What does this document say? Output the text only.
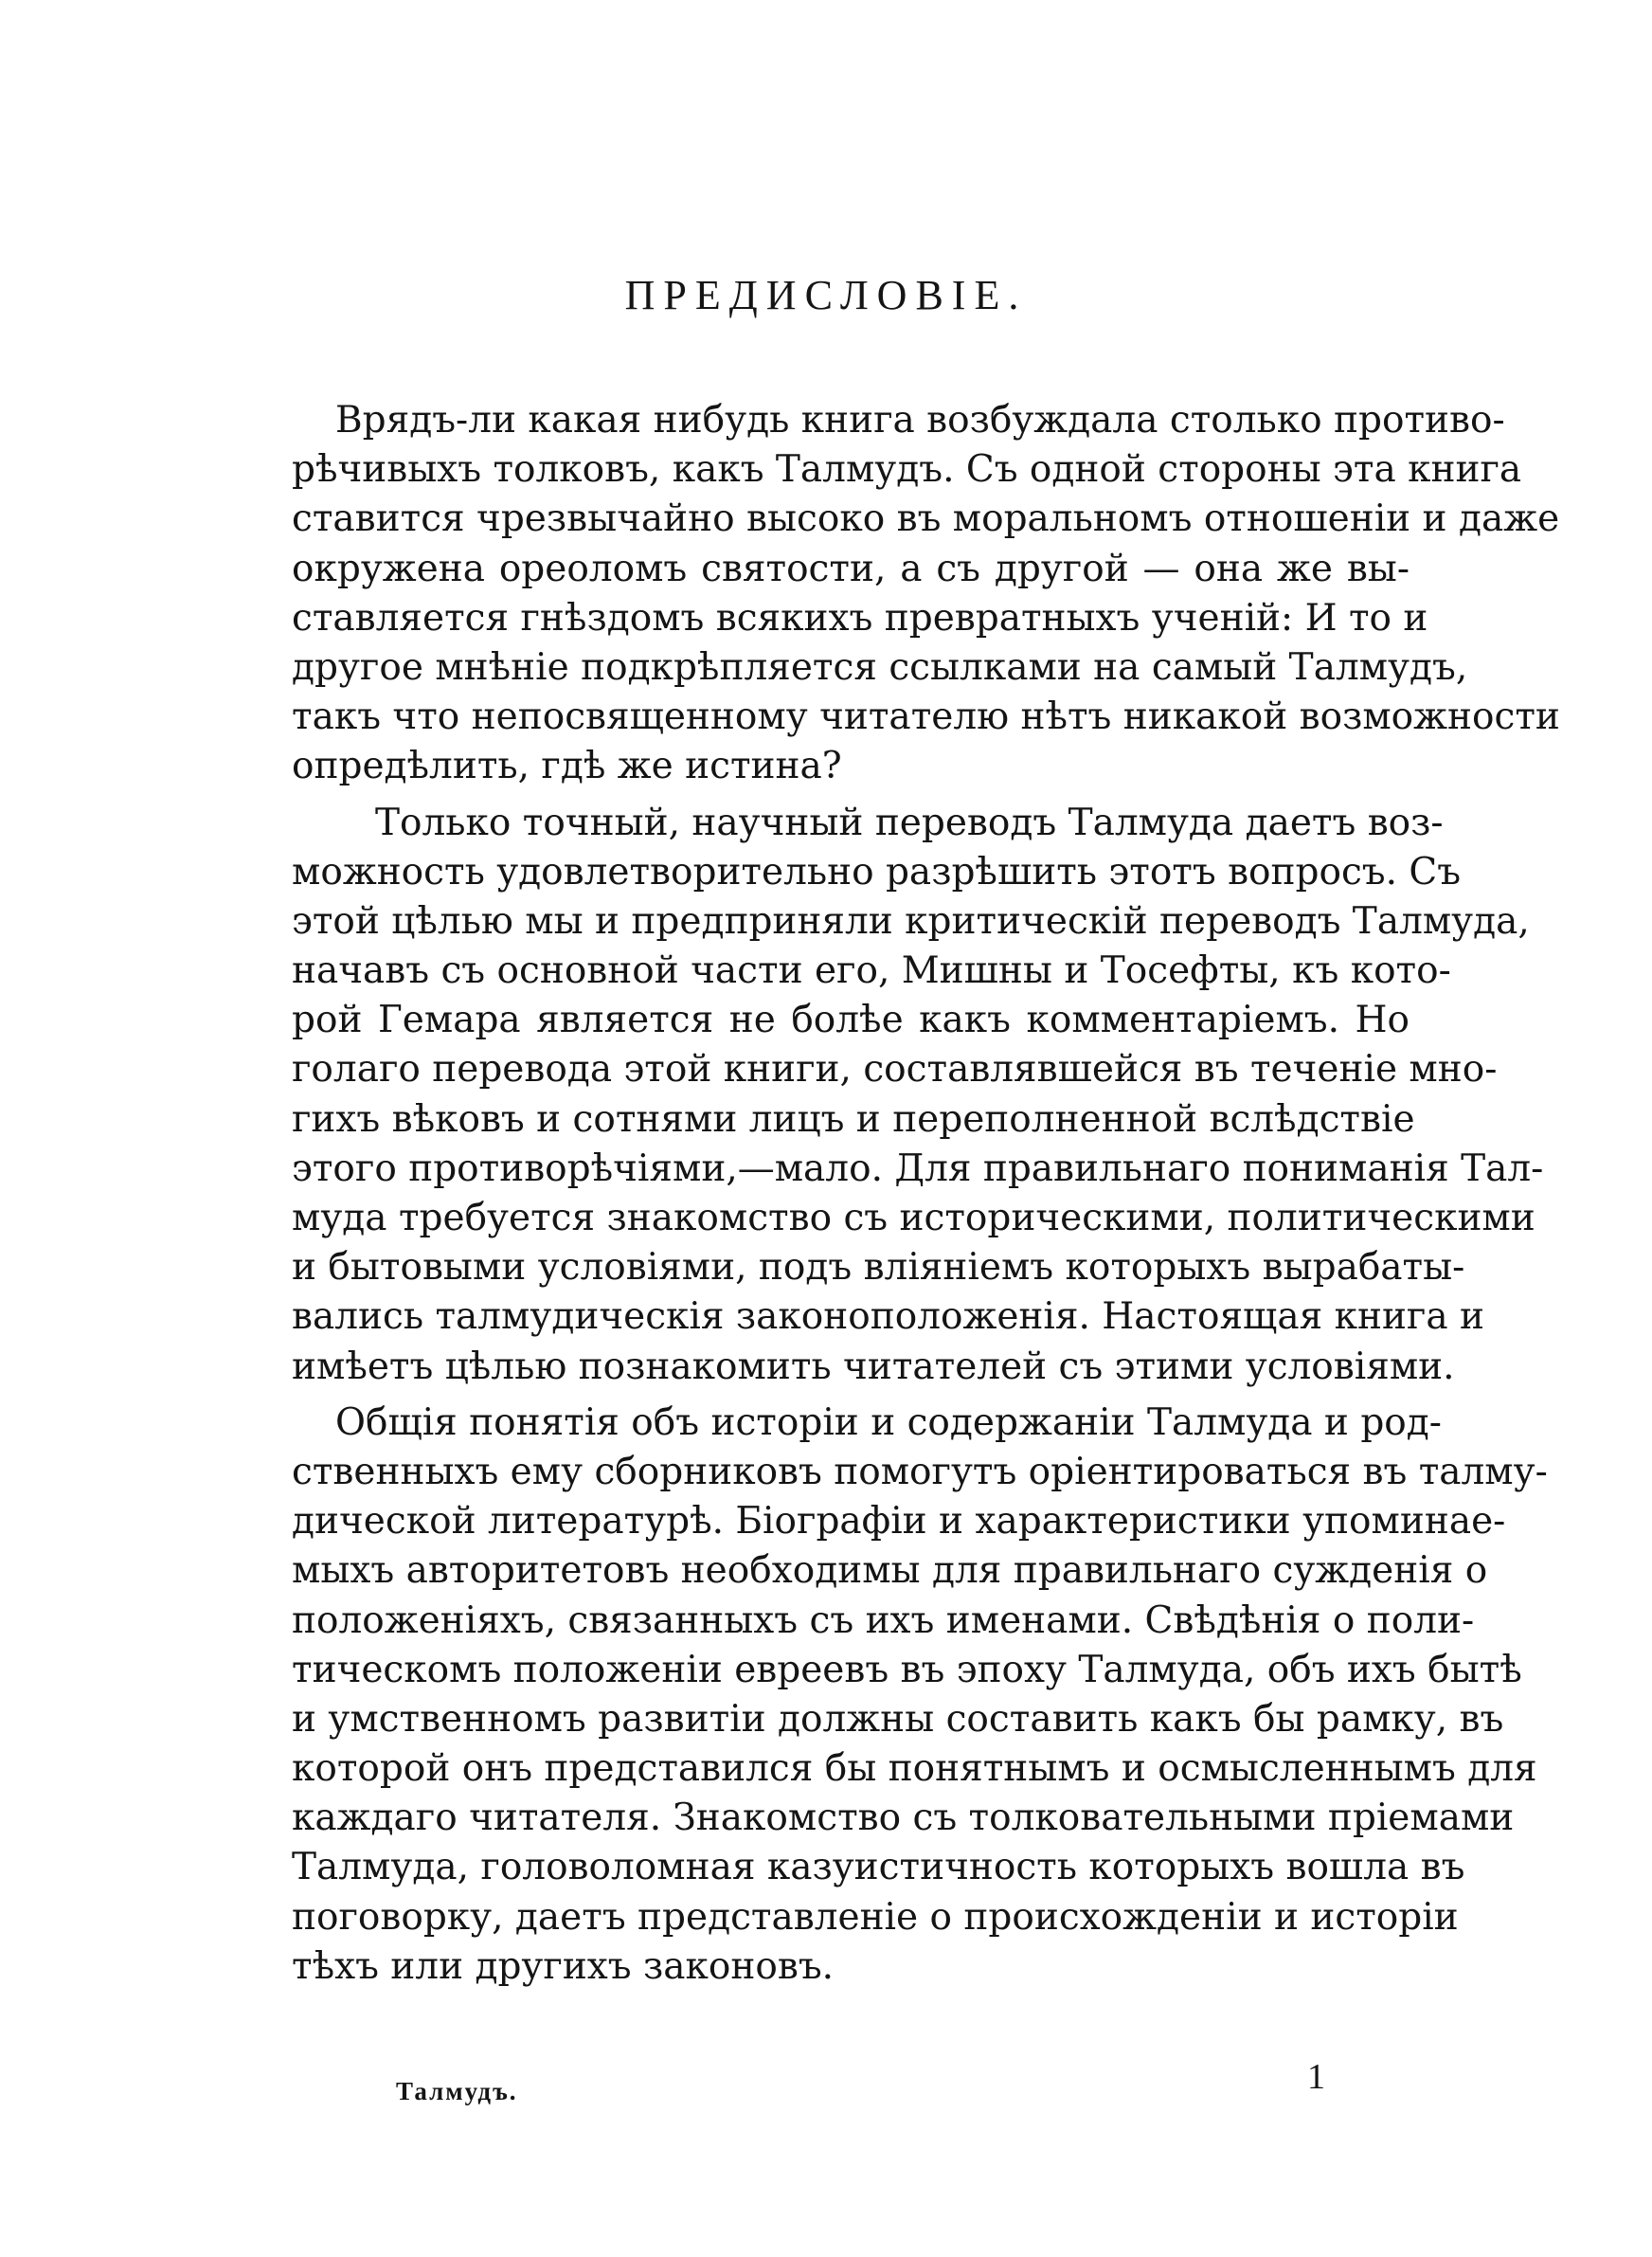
ПРЕДИСЛОВІЕ.
Врядъ-ли какая нибудь книга возбуждала столько противо-
рѣчивыхъ толковъ, какъ Талмудъ. Съ одной стороны эта книга
ставится чрезвычайно высоко въ моральномъ отношеніи и даже
окружена ореоломъ святости, а съ другой — она же вы-
ставляется гнѣздомъ всякихъ превратныхъ ученій: И то и
другое мнѣніе подкрѣпляется ссылками на самый Талмудъ,
такъ что непосвященному читателю нѣтъ никакой возможности
опредѣлить, гдѣ же истина?
Только точный, научный переводъ Талмуда даетъ воз-
можность удовлетворительно разрѣшить этотъ вопросъ. Съ
этой цѣлью мы и предприняли критическій переводъ Талмуда,
начавъ съ основной части его, Мишны и Тосефты, къ кото-
рой Гемара является не болѣе какъ комментаріемъ. Но
голаго перевода этой книги, составлявшейся въ теченіе мно-
гихъ вѣковъ и сотнями лицъ и переполненной вслѣдствіе
этого противорѣчіями,—мало. Для правильнаго пониманія Тал-
муда требуется знакомство съ историческими, политическими
и бытовыми условіями, подъ вліяніемъ которыхъ вырабаты-
вались талмудическія законоположенія. Настоящая книга и
имѣетъ цѣлью познакомить читателей съ этими условіями.
Общія понятія объ исторіи и содержаніи Талмуда и род-
ственныхъ ему сборниковъ помогутъ оріентироваться въ талму-
дической литературѣ. Біографіи и характеристики упоминае-
мыхъ авторитетовъ необходимы для правильнаго сужденія о
положеніяхъ, связанныхъ съ ихъ именами. Свѣдѣнія о поли-
тическомъ положеніи евреевъ въ эпоху Талмуда, объ ихъ бытѣ
и умственномъ развитіи должны составить какъ бы рамку, въ
которой онъ представился бы понятнымъ и осмысленнымъ для
каждаго читателя. Знакомство съ толковательными пріемами
Талмуда, головоломная казуистичность которыхъ вошла въ
поговорку, даетъ представленіе о происхожденіи и исторіи
тѣхъ или другихъ законовъ.
1
Талмудъ.
